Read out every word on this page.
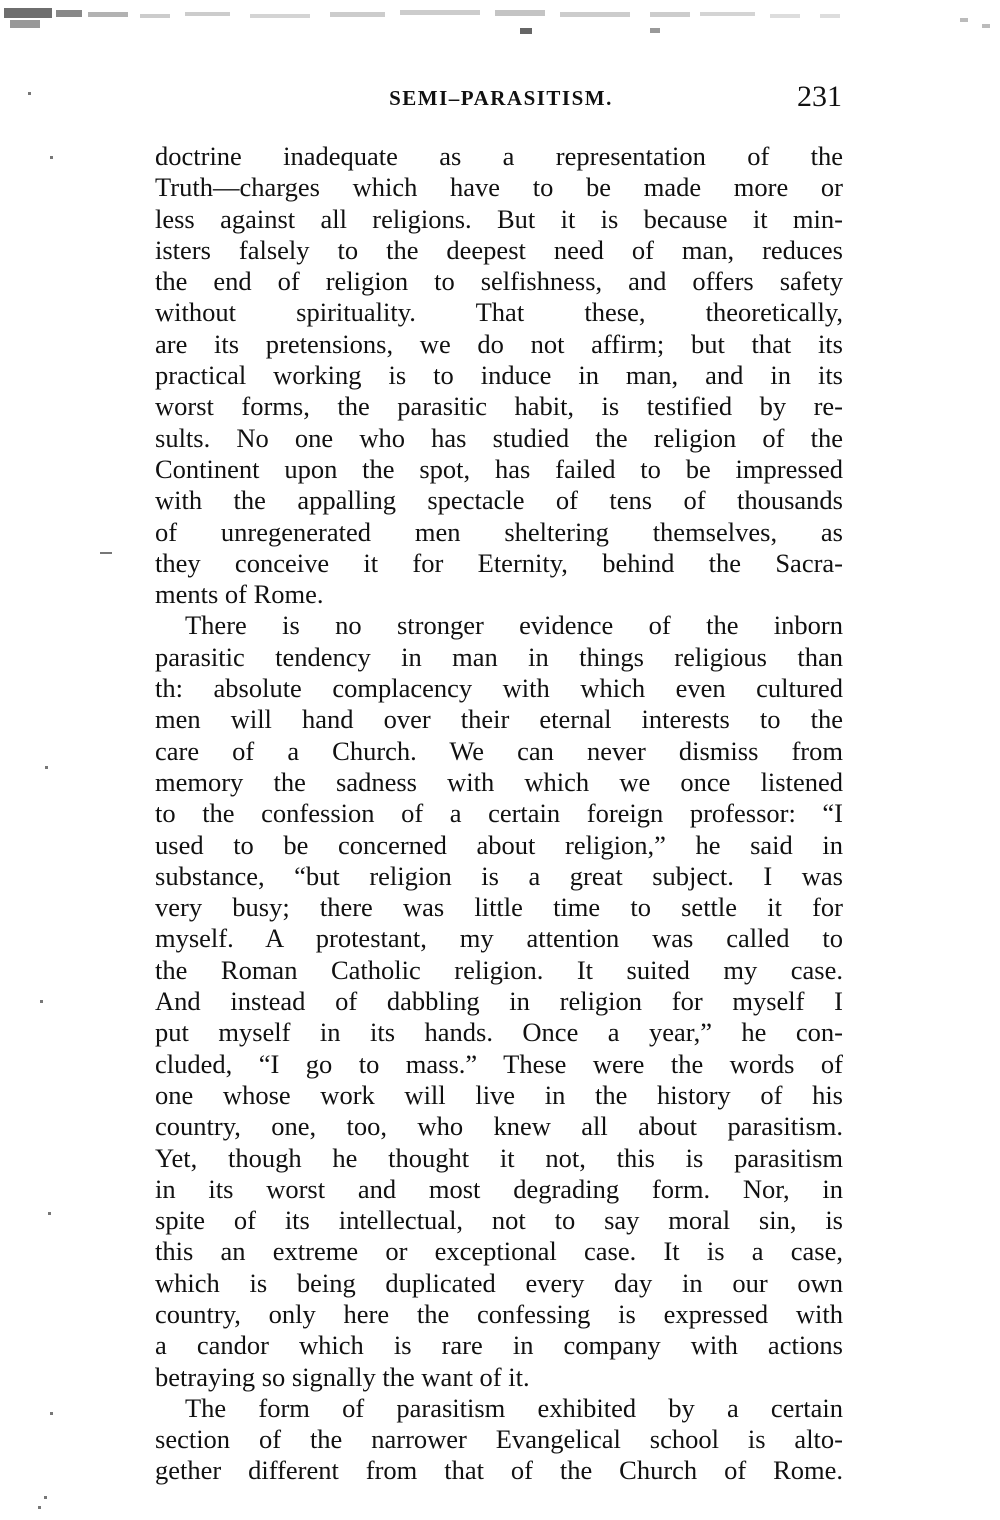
SEMI–PARASITISM.	231
doctrine inadequate as a representation of the
Truth—charges which have to be made more or
less against all religions. But it is because it min-
isters falsely to the deepest need of man, reduces
the end of religion to selfishness, and offers safety
without spirituality. That these, theoretically,
are its pretensions, we do not affirm; but that its
practical working is to induce in man, and in its
worst forms, the parasitic habit, is testified by re-
sults. No one who has studied the religion of the
Continent upon the spot, has failed to be impressed
with the appalling spectacle of tens of thousands
of unregenerated men sheltering themselves, as
they conceive it for Eternity, behind the Sacra-
ments of Rome.
There is no stronger evidence of the inborn
parasitic tendency in man in things religious than
th: absolute complacency with which even cultured
men will hand over their eternal interests to the
care of a Church. We can never dismiss from
memory the sadness with which we once listened
to the confession of a certain foreign professor: “I
used to be concerned about religion,” he said in
substance, “but religion is a great subject. I was
very busy; there was little time to settle it for
myself. A protestant, my attention was called to
the Roman Catholic religion. It suited my case.
And instead of dabbling in religion for myself I
put myself in its hands. Once a year,” he con-
cluded, “I go to mass.” These were the words of
one whose work will live in the history of his
country, one, too, who knew all about parasitism.
Yet, though he thought it not, this is parasitism
in its worst and most degrading form. Nor, in
spite of its intellectual, not to say moral sin, is
this an extreme or exceptional case. It is a case,
which is being duplicated every day in our own
country, only here the confessing is expressed with
a candor which is rare in company with actions
betraying so signally the want of it.
The form of parasitism exhibited by a certain
section of the narrower Evangelical school is alto-
gether different from that of the Church of Rome.
